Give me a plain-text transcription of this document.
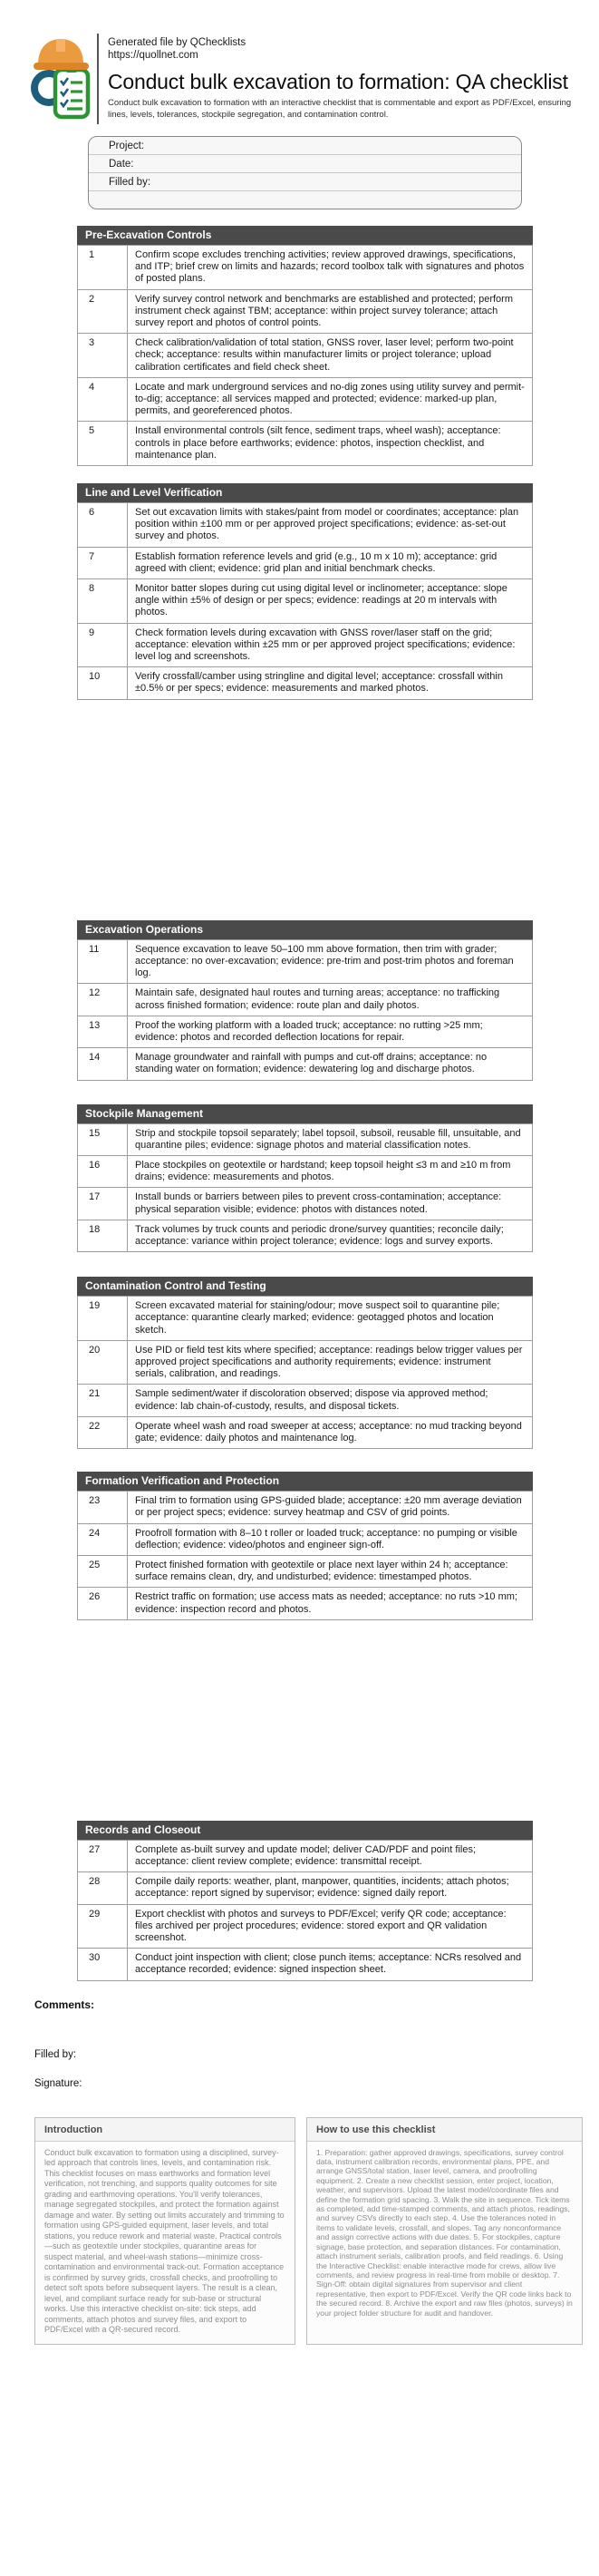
Generated file by QChecklists
https://quollnet.com
Conduct bulk excavation to formation: QA checklist
Conduct bulk excavation to formation with an interactive checklist that is commentable and export as PDF/Excel, ensuring lines, levels, tolerances, stockpile segregation, and contamination control.
Project:
Date:
Filled by:
Pre-Excavation Controls
1	Confirm scope excludes trenching activities; review approved drawings, specifications, and ITP; brief crew on limits and hazards; record toolbox talk with signatures and photos of posted plans.
2	Verify survey control network and benchmarks are established and protected; perform instrument check against TBM; acceptance: within project survey tolerance; attach survey report and photos of control points.
3	Check calibration/validation of total station, GNSS rover, laser level; perform two-point check; acceptance: results within manufacturer limits or project tolerance; upload calibration certificates and field check sheet.
4	Locate and mark underground services and no-dig zones using utility survey and permit-to-dig; acceptance: all services mapped and protected; evidence: marked-up plan, permits, and georeferenced photos.
5	Install environmental controls (silt fence, sediment traps, wheel wash); acceptance: controls in place before earthworks; evidence: photos, inspection checklist, and maintenance plan.
Line and Level Verification
6	Set out excavation limits with stakes/paint from model or coordinates; acceptance: plan position within ±100 mm or per approved project specifications; evidence: as-set-out survey and photos.
7	Establish formation reference levels and grid (e.g., 10 m x 10 m); acceptance: grid agreed with client; evidence: grid plan and initial benchmark checks.
8	Monitor batter slopes during cut using digital level or inclinometer; acceptance: slope angle within ±5% of design or per specs; evidence: readings at 20 m intervals with photos.
9	Check formation levels during excavation with GNSS rover/laser staff on the grid; acceptance: elevation within ±25 mm or per approved project specifications; evidence: level log and screenshots.
10	Verify crossfall/camber using stringline and digital level; acceptance: crossfall within ±0.5% or per specs; evidence: measurements and marked photos.
Excavation Operations
11	Sequence excavation to leave 50–100 mm above formation, then trim with grader; acceptance: no over-excavation; evidence: pre-trim and post-trim photos and foreman log.
12	Maintain safe, designated haul routes and turning areas; acceptance: no trafficking across finished formation; evidence: route plan and daily photos.
13	Proof the working platform with a loaded truck; acceptance: no rutting >25 mm; evidence: photos and recorded deflection locations for repair.
14	Manage groundwater and rainfall with pumps and cut-off drains; acceptance: no standing water on formation; evidence: dewatering log and discharge photos.
Stockpile Management
15	Strip and stockpile topsoil separately; label topsoil, subsoil, reusable fill, unsuitable, and quarantine piles; evidence: signage photos and material classification notes.
16	Place stockpiles on geotextile or hardstand; keep topsoil height ≤3 m and ≥10 m from drains; evidence: measurements and photos.
17	Install bunds or barriers between piles to prevent cross-contamination; acceptance: physical separation visible; evidence: photos with distances noted.
18	Track volumes by truck counts and periodic drone/survey quantities; reconcile daily; acceptance: variance within project tolerance; evidence: logs and survey exports.
Contamination Control and Testing
19	Screen excavated material for staining/odour; move suspect soil to quarantine pile; acceptance: quarantine clearly marked; evidence: geotagged photos and location sketch.
20	Use PID or field test kits where specified; acceptance: readings below trigger values per approved project specifications and authority requirements; evidence: instrument serials, calibration, and readings.
21	Sample sediment/water if discoloration observed; dispose via approved method; evidence: lab chain-of-custody, results, and disposal tickets.
22	Operate wheel wash and road sweeper at access; acceptance: no mud tracking beyond gate; evidence: daily photos and maintenance log.
Formation Verification and Protection
23	Final trim to formation using GPS-guided blade; acceptance: ±20 mm average deviation or per project specs; evidence: survey heatmap and CSV of grid points.
24	Proofroll formation with 8–10 t roller or loaded truck; acceptance: no pumping or visible deflection; evidence: video/photos and engineer sign-off.
25	Protect finished formation with geotextile or place next layer within 24 h; acceptance: surface remains clean, dry, and undisturbed; evidence: timestamped photos.
26	Restrict traffic on formation; use access mats as needed; acceptance: no ruts >10 mm; evidence: inspection record and photos.
Records and Closeout
27	Complete as-built survey and update model; deliver CAD/PDF and point files; acceptance: client review complete; evidence: transmittal receipt.
28	Compile daily reports: weather, plant, manpower, quantities, incidents; attach photos; acceptance: report signed by supervisor; evidence: signed daily report.
29	Export checklist with photos and surveys to PDF/Excel; verify QR code; acceptance: files archived per project procedures; evidence: stored export and QR validation screenshot.
30	Conduct joint inspection with client; close punch items; acceptance: NCRs resolved and acceptance recorded; evidence: signed inspection sheet.
Comments:
Filled by:
Signature:
Introduction
Conduct bulk excavation to formation using a disciplined, survey-led approach that controls lines, levels, and contamination risk. This checklist focuses on mass earthworks and formation level verification, not trenching, and supports quality outcomes for site grading and earthmoving operations. You'll verify tolerances, manage segregated stockpiles, and protect the formation against damage and water. By setting out limits accurately and trimming to formation using GPS-guided equipment, laser levels, and total stations, you reduce rework and material waste. Practical controls—such as geotextile under stockpiles, quarantine areas for suspect material, and wheel-wash stations—minimize cross-contamination and environmental track-out. Formation acceptance is confirmed by survey grids, crossfall checks, and proofrolling to detect soft spots before subsequent layers. The result is a clean, level, and compliant surface ready for sub-base or structural works. Use this interactive checklist on-site: tick steps, add comments, attach photos and survey files, and export to PDF/Excel with a QR-secured record.
How to use this checklist
1. Preparation: gather approved drawings, specifications, survey control data, instrument calibration records, environmental plans, PPE, and arrange GNSS/total station, laser level, camera, and proofrolling equipment. 2. Create a new checklist session, enter project, location, weather, and supervisors. Upload the latest model/coordinate files and define the formation grid spacing. 3. Walk the site in sequence. Tick items as completed, add time-stamped comments, and attach photos, readings, and survey CSVs directly to each step. 4. Use the tolerances noted in items to validate levels, crossfall, and slopes. Tag any nonconformance and assign corrective actions with due dates. 5. For stockpiles, capture signage, base protection, and separation distances. For contamination, attach instrument serials, calibration proofs, and field readings. 6. Using the Interactive Checklist: enable interactive mode for crews, allow live comments, and review progress in real-time from mobile or desktop. 7. Sign-Off: obtain digital signatures from supervisor and client representative, then export to PDF/Excel. Verify the QR code links back to the secured record. 8. Archive the export and raw files (photos, surveys) in your project folder structure for audit and handover.
